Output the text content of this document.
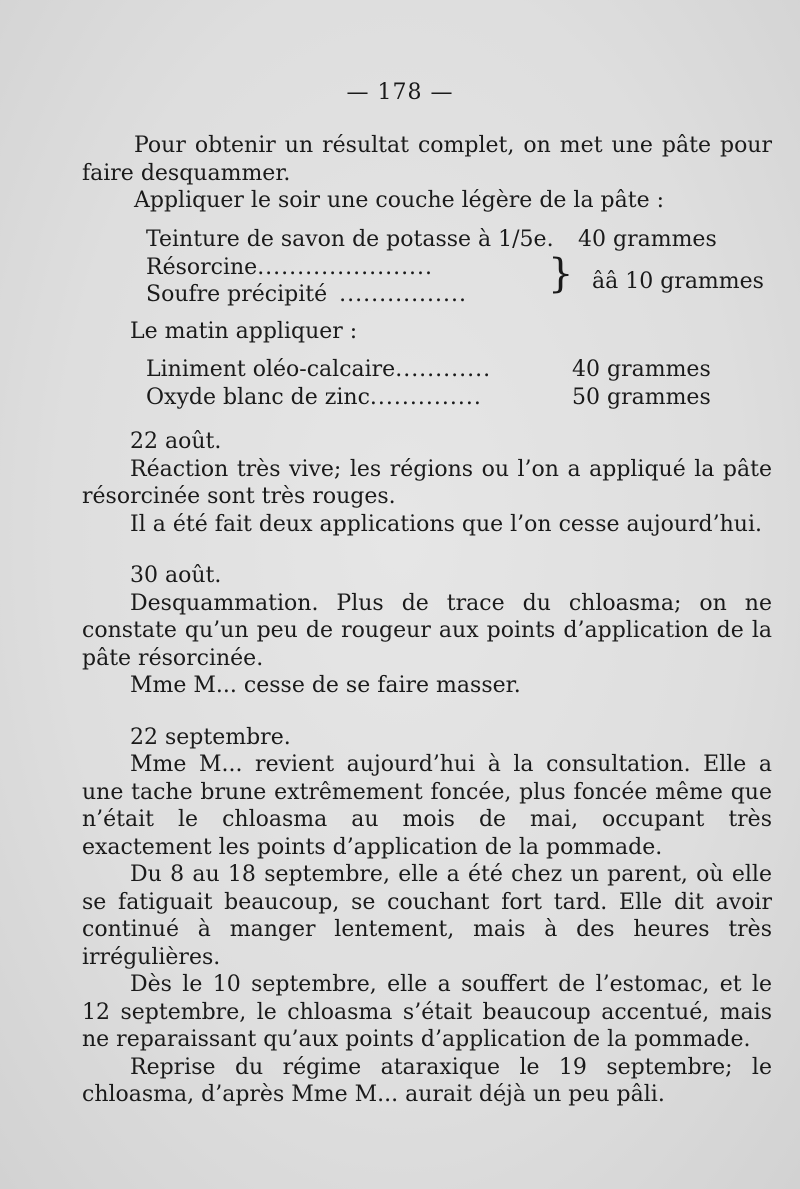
— 178 —

Pour obtenir un résultat complet, on met une pâte pour faire desquammer.

Appliquer le soir une couche légère de la pâte :

Teinture de savon de potasse à 1/5e. 40 grammes
Résorcine ......................
Soufre précipité ................ } ââ 10 grammes

Le matin appliquer :

Liniment oléo-calcaire ............	40 grammes
Oxyde blanc de zinc ..............	50 grammes

22 août.

Réaction très vive; les régions ou l’on a appliqué la pâte résorcinée sont très rouges.

Il a été fait deux applications que l’on cesse aujourd’hui.

30 août.

Desquammation. Plus de trace du chloasma; on ne constate qu’un peu de rougeur aux points d’application de la pâte résorcinée.

Mme M... cesse de se faire masser.

22 septembre.

Mme M... revient aujourd’hui à la consultation. Elle a une tache brune extrêmement foncée, plus foncée même que n’était le chloasma au mois de mai, occupant très exactement les points d’application de la pommade.

Du 8 au 18 septembre, elle a été chez un parent, où elle se fatiguait beaucoup, se couchant fort tard. Elle dit avoir continué à manger lentement, mais à des heures très irrégulières.

Dès le 10 septembre, elle a souffert de l’estomac, et le 12 septembre, le chloasma s’était beaucoup accentué, mais ne reparaissant qu’aux points d’application de la pommade.

Reprise du régime ataraxique le 19 septembre; le chloasma, d’après Mme M... aurait déjà un peu pâli.
